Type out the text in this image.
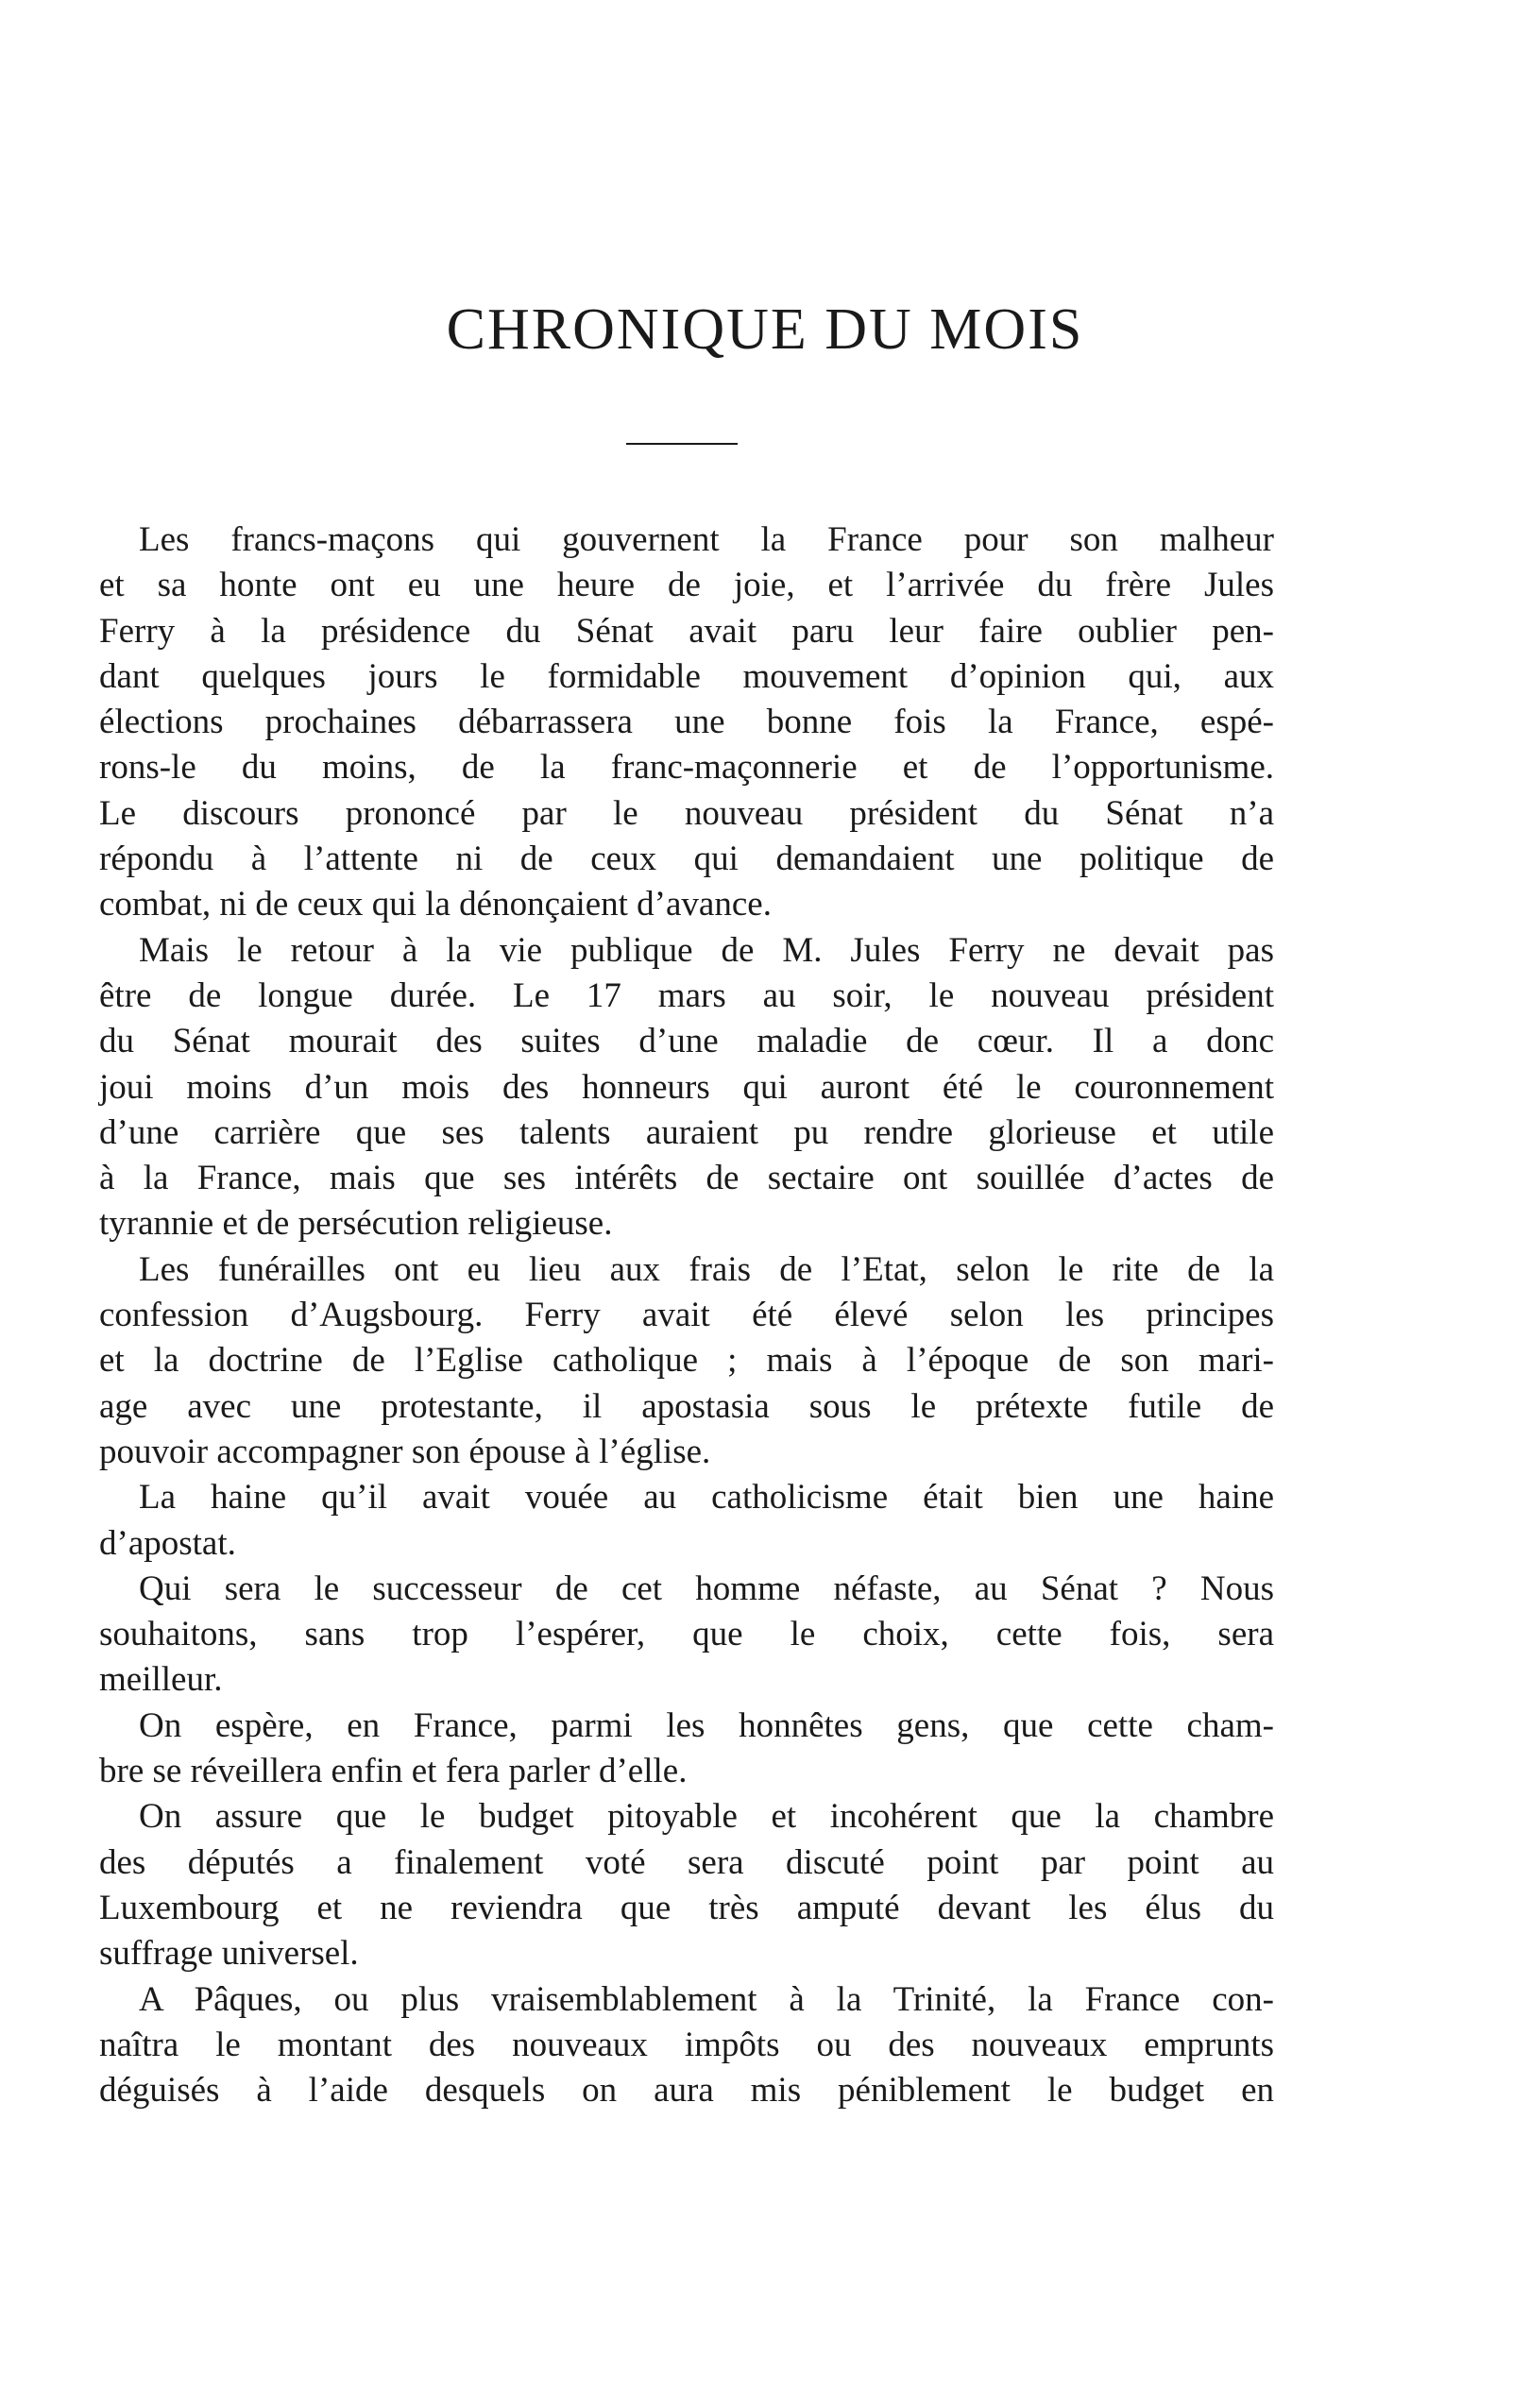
CHRONIQUE DU MOIS
Les francs-maçons qui gouvernent la France pour son malheur
et sa honte ont eu une heure de joie, et l’arrivée du frère Jules
Ferry à la présidence du Sénat avait paru leur faire oublier pen-
dant quelques jours le formidable mouvement d’opinion qui, aux
élections prochaines débarrassera une bonne fois la France, espé-
rons-le du moins, de la franc-maçonnerie et de l’opportunisme.
Le discours prononcé par le nouveau président du Sénat n’a
répondu à l’attente ni de ceux qui demandaient une politique de
combat, ni de ceux qui la dénonçaient d’avance.
Mais le retour à la vie publique de M. Jules Ferry ne devait pas
être de longue durée. Le 17 mars au soir, le nouveau président
du Sénat mourait des suites d’une maladie de cœur. Il a donc
joui moins d’un mois des honneurs qui auront été le couronnement
d’une carrière que ses talents auraient pu rendre glorieuse et utile
à la France, mais que ses intérêts de sectaire ont souillée d’actes de
tyrannie et de persécution religieuse.
Les funérailles ont eu lieu aux frais de l’Etat, selon le rite de la
confession d’Augsbourg. Ferry avait été élevé selon les principes
et la doctrine de l’Eglise catholique ; mais à l’époque de son mari-
age avec une protestante, il apostasia sous le prétexte futile de
pouvoir accompagner son épouse à l’église.
La haine qu’il avait vouée au catholicisme était bien une haine
d’apostat.
Qui sera le successeur de cet homme néfaste, au Sénat ? Nous
souhaitons, sans trop l’espérer, que le choix, cette fois, sera
meilleur.
On espère, en France, parmi les honnêtes gens, que cette cham-
bre se réveillera enfin et fera parler d’elle.
On assure que le budget pitoyable et incohérent que la chambre
des députés a finalement voté sera discuté point par point au
Luxembourg et ne reviendra que très amputé devant les élus du
suffrage universel.
A Pâques, ou plus vraisemblablement à la Trinité, la France con-
naîtra le montant des nouveaux impôts ou des nouveaux emprunts
déguisés à l’aide desquels on aura mis péniblement le budget en
